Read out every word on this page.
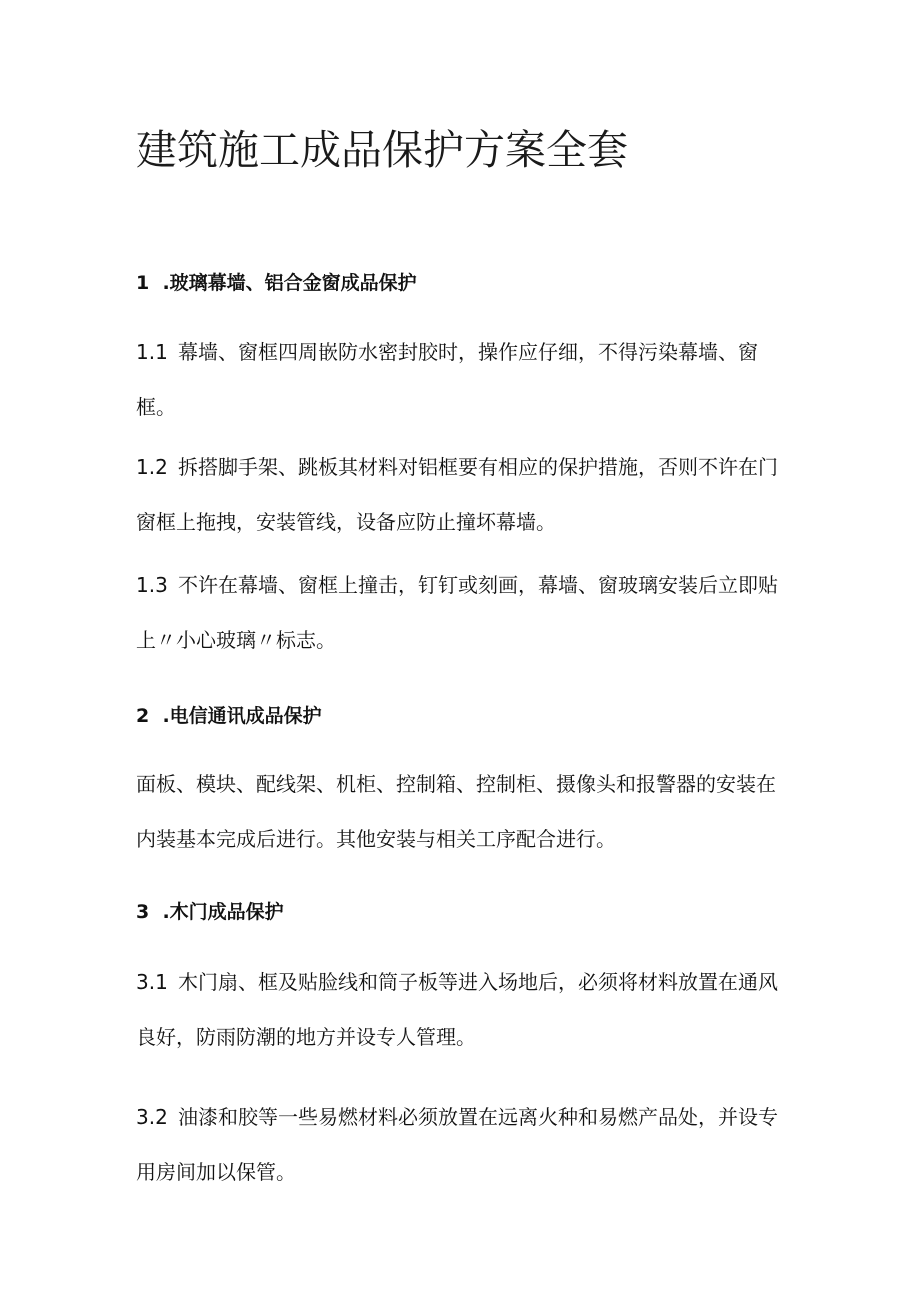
建筑施工成品保护方案全套
1	.玻璃幕墙、铝合金窗成品保护

1.1 幕墙、窗框四周嵌防水密封胶时，操作应仔细，不得污染幕墙、窗框。

1.2 拆搭脚手架、跳板其材料对铝框要有相应的保护措施，否则不许在门窗框上拖拽，安装管线，设备应防止撞坏幕墙。

1.3 不许在幕墙、窗框上撞击，钉钉或刻画，幕墙、窗玻璃安装后立即贴上〃小心玻璃〃标志。

2	.电信通讯成品保护

面板、模块、配线架、机柜、控制箱、控制柜、摄像头和报警器的安装在内装基本完成后进行。其他安装与相关工序配合进行。

3	.木门成品保护

3.1 木门扇、框及贴脸线和筒子板等进入场地后，必须将材料放置在通风良好，防雨防潮的地方并设专人管理。

3.2 油漆和胶等一些易燃材料必须放置在远离火种和易燃产品处，并设专用房间加以保管。
